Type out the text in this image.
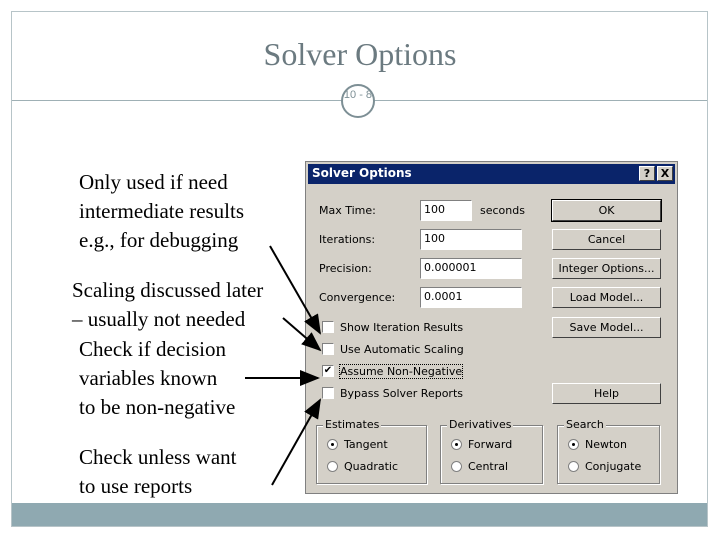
Solver Options
10 - 8
Only used if need
intermediate results
e.g., for debugging
Scaling discussed later
– usually not needed
Check if decision
variables known
to be non-negative
Check unless want
to use reports
Solver Options	? X
Max Time:	100	seconds
Iterations:	100
Precision:	0.000001
Convergence:	0.0001
OK
Cancel
Integer Options...
Load Model...
Save Model...
Help
Show Iteration Results
Use Automatic Scaling
✔ Assume Non-Negative
Bypass Solver Reports
Estimates
Tangent
Quadratic
Derivatives
Forward
Central
Search
Newton
Conjugate
